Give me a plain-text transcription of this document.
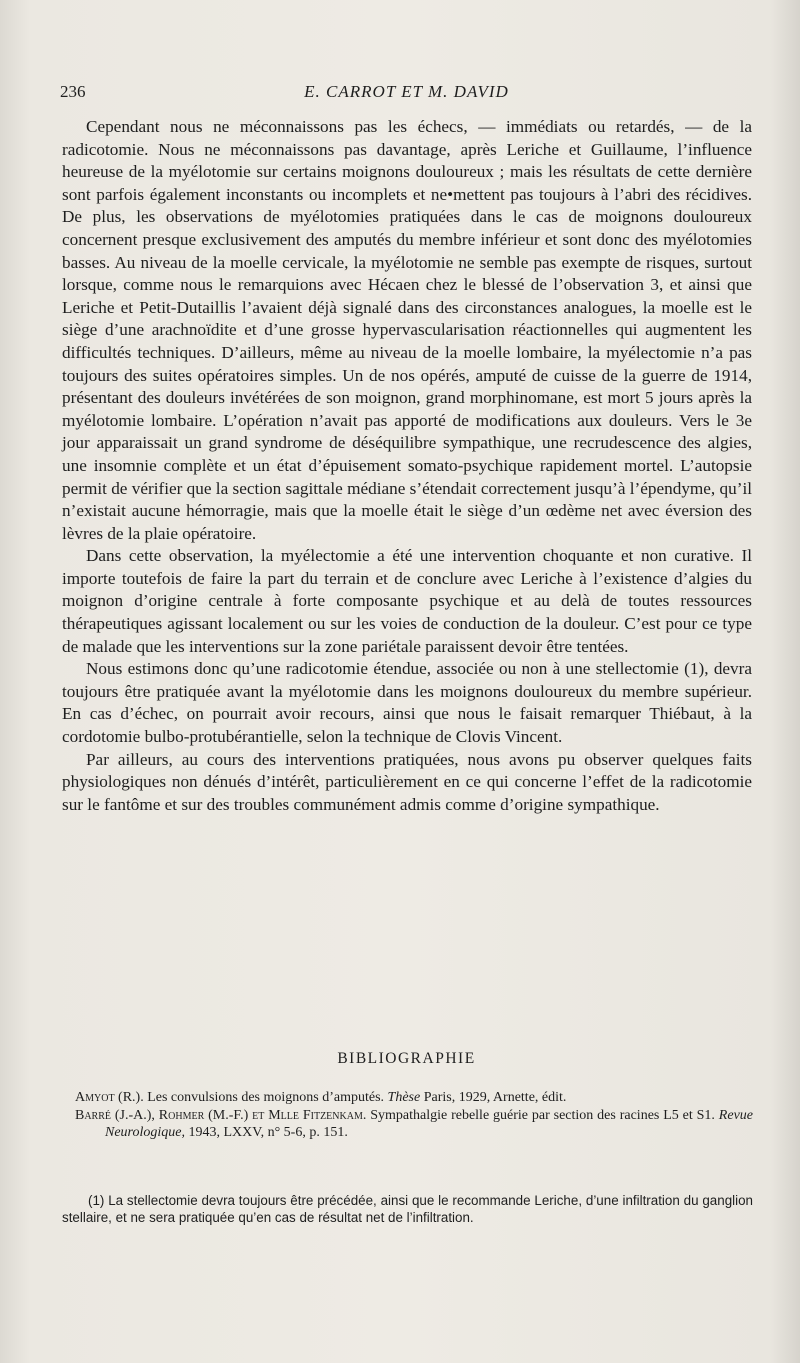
236	E. CARROT ET M. DAVID

Cependant nous ne méconnaissons pas les échecs, — immédiats ou retardés, — de la radicotomie. Nous ne méconnaissons pas davantage, après Leriche et Guillaume, l’influence heureuse de la myélotomie sur certains moignons douloureux ; mais les résultats de cette dernière sont parfois également inconstants ou incomplets et ne•mettent pas toujours à l’abri des récidives. De plus, les observations de myélotomies pratiquées dans le cas de moignons douloureux concernent presque exclusivement des amputés du membre inférieur et sont donc des myélotomies basses. Au niveau de la moelle cervicale, la myélotomie ne semble pas exempte de risques, surtout lorsque, comme nous le remarquions avec Hécaen chez le blessé de l’observation 3, et ainsi que Leriche et Petit-Dutaillis l’avaient déjà signalé dans des circonstances analogues, la moelle est le siège d’une arachnoïdite et d’une grosse hypervascularisation réactionnelles qui augmentent les difficultés techniques. D’ailleurs, même au niveau de la moelle lombaire, la myélectomie n’a pas toujours des suites opératoires simples. Un de nos opérés, amputé de cuisse de la guerre de 1914, présentant des douleurs invétérées de son moignon, grand morphinomane, est mort 5 jours après la myélotomie lombaire. L’opération n’avait pas apporté de modifications aux douleurs. Vers le 3e jour apparaissait un grand syndrome de déséquilibre sympathique, une recrudescence des algies, une insomnie complète et un état d’épuisement somato-psychique rapidement mortel. L’autopsie permit de vérifier que la section sagittale médiane s’étendait correctement jusqu’à l’épendyme, qu’il n’existait aucune hémorragie, mais que la moelle était le siège d’un œdème net avec éversion des lèvres de la plaie opératoire.

Dans cette observation, la myélectomie a été une intervention choquante et non curative. Il importe toutefois de faire la part du terrain et de conclure avec Leriche à l’existence d’algies du moignon d’origine centrale à forte composante psychique et au delà de toutes ressources thérapeutiques agissant localement ou sur les voies de conduction de la douleur. C’est pour ce type de malade que les interventions sur la zone pariétale paraissent devoir être tentées.

Nous estimons donc qu’une radicotomie étendue, associée ou non à une stellectomie (1), devra toujours être pratiquée avant la myélotomie dans les moignons douloureux du membre supérieur. En cas d’échec, on pourrait avoir recours, ainsi que nous le faisait remarquer Thiébaut, à la cordotomie bulbo-protubérantielle, selon la technique de Clovis Vincent.

Par ailleurs, au cours des interventions pratiquées, nous avons pu observer quelques faits physiologiques non dénués d’intérêt, particulièrement en ce qui concerne l’effet de la radicotomie sur le fantôme et sur des troubles communément admis comme d’origine sympathique.

BIBLIOGRAPHIE

Amyot (R.). Les convulsions des moignons d’amputés. Thèse Paris, 1929, Arnette, édit.

Barré (J.-A.), Rohmer (M.-F.) et Mlle Fitzenkam. Sympathalgie rebelle guérie par section des racines L5 et S1. Revue Neurologique, 1943, LXXV, n° 5-6, p. 151.

(1) La stellectomie devra toujours être précédée, ainsi que le recommande Leriche, d’une infiltration du ganglion stellaire, et ne sera pratiquée qu’en cas de résultat net de l’infiltration.
